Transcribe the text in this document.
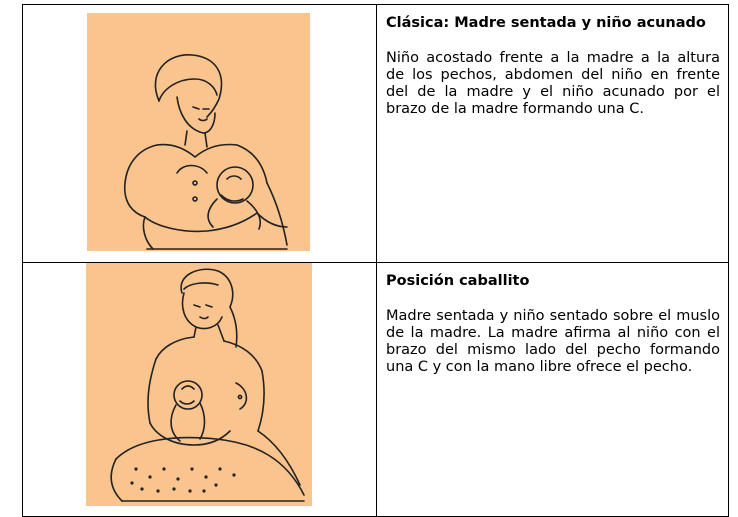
Clásica: Madre sentada y niño acunado

Niño acostado frente a la madre a la altura de los pechos, abdomen del niño en frente del de la madre y el niño acunado por el brazo de la madre formando una C.

Posición caballito

Madre sentada y niño sentado sobre el muslo de la madre. La madre afirma al niño con el brazo del mismo lado del pecho formando una C y con la mano libre ofrece el pecho.
